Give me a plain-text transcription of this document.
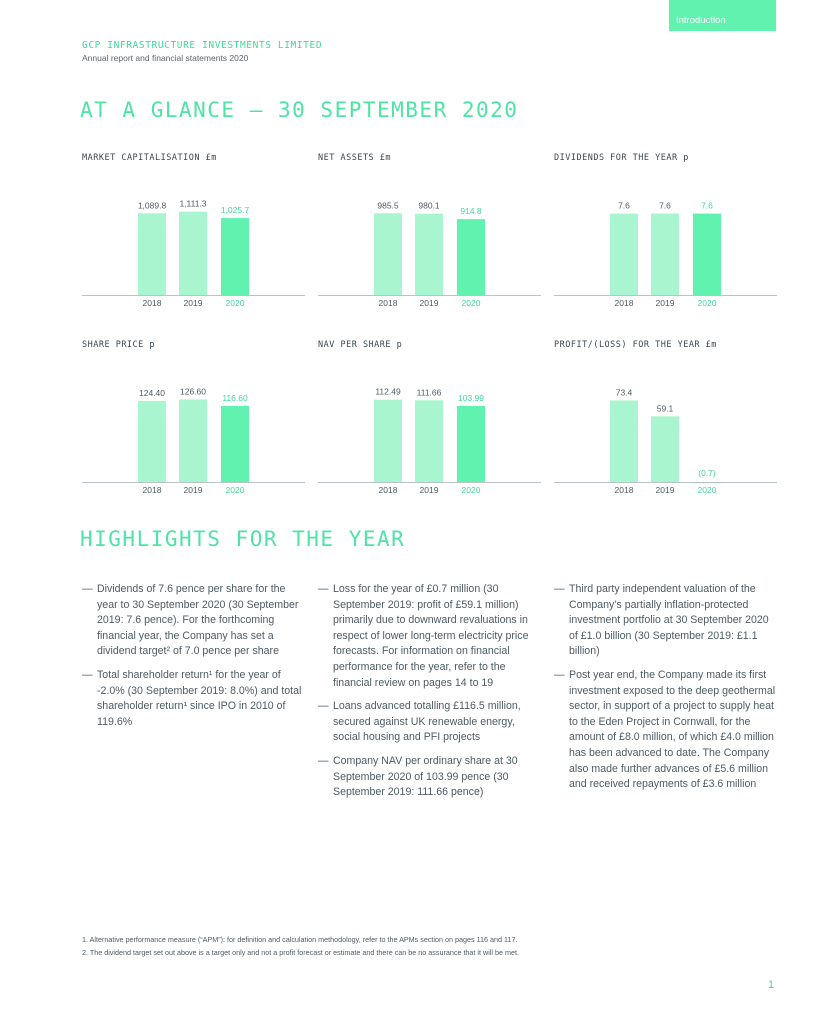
Introduction
GCP INFRASTRUCTURE INVESTMENTS LIMITED
Annual report and financial statements 2020
AT A GLANCE — 30 SEPTEMBER 2020
MARKET CAPITALISATION £m
1,089.8
2018
1,111.3
2019
1,025.7
2020
NET ASSETS £m
985.5
2018
980.1
2019
914.8
2020
DIVIDENDS FOR THE YEAR p
7.6
2018
7.6
2019
7.6
2020
SHARE PRICE p
124.40
2018
126.60
2019
116.60
2020
NAV PER SHARE p
112.49
2018
111.66
2019
103.99
2020
PROFIT/(LOSS) FOR THE YEAR £m
73.4
2018
59.1
2019
(0.7)
2020
HIGHLIGHTS FOR THE YEAR
— Dividends of 7.6 pence per share for the year to 30 September 2020 (30 September 2019: 7.6 pence). For the forthcoming financial year, the Company has set a dividend target² of 7.0 pence per share
— Total shareholder return¹ for the year of -2.0% (30 September 2019: 8.0%) and total shareholder return¹ since IPO in 2010 of 119.6%
— Loss for the year of £0.7 million (30 September 2019: profit of £59.1 million) primarily due to downward revaluations in respect of lower long-term electricity price forecasts. For information on financial performance for the year, refer to the financial review on pages 14 to 19
— Loans advanced totalling £116.5 million, secured against UK renewable energy, social housing and PFI projects
— Company NAV per ordinary share at 30 September 2020 of 103.99 pence (30 September 2019: 111.66 pence)
— Third party independent valuation of the Company’s partially inflation-protected investment portfolio at 30 September 2020 of £1.0 billion (30 September 2019: £1.1 billion)
— Post year end, the Company made its first investment exposed to the deep geothermal sector, in support of a project to supply heat to the Eden Project in Cornwall, for the amount of £8.0 million, of which £4.0 million has been advanced to date. The Company also made further advances of £5.6 million and received repayments of £3.6 million
1. Alternative performance measure (“APM”): for definition and calculation methodology, refer to the APMs section on pages 116 and 117.
2. The dividend target set out above is a target only and not a profit forecast or estimate and there can be no assurance that it will be met.
1
